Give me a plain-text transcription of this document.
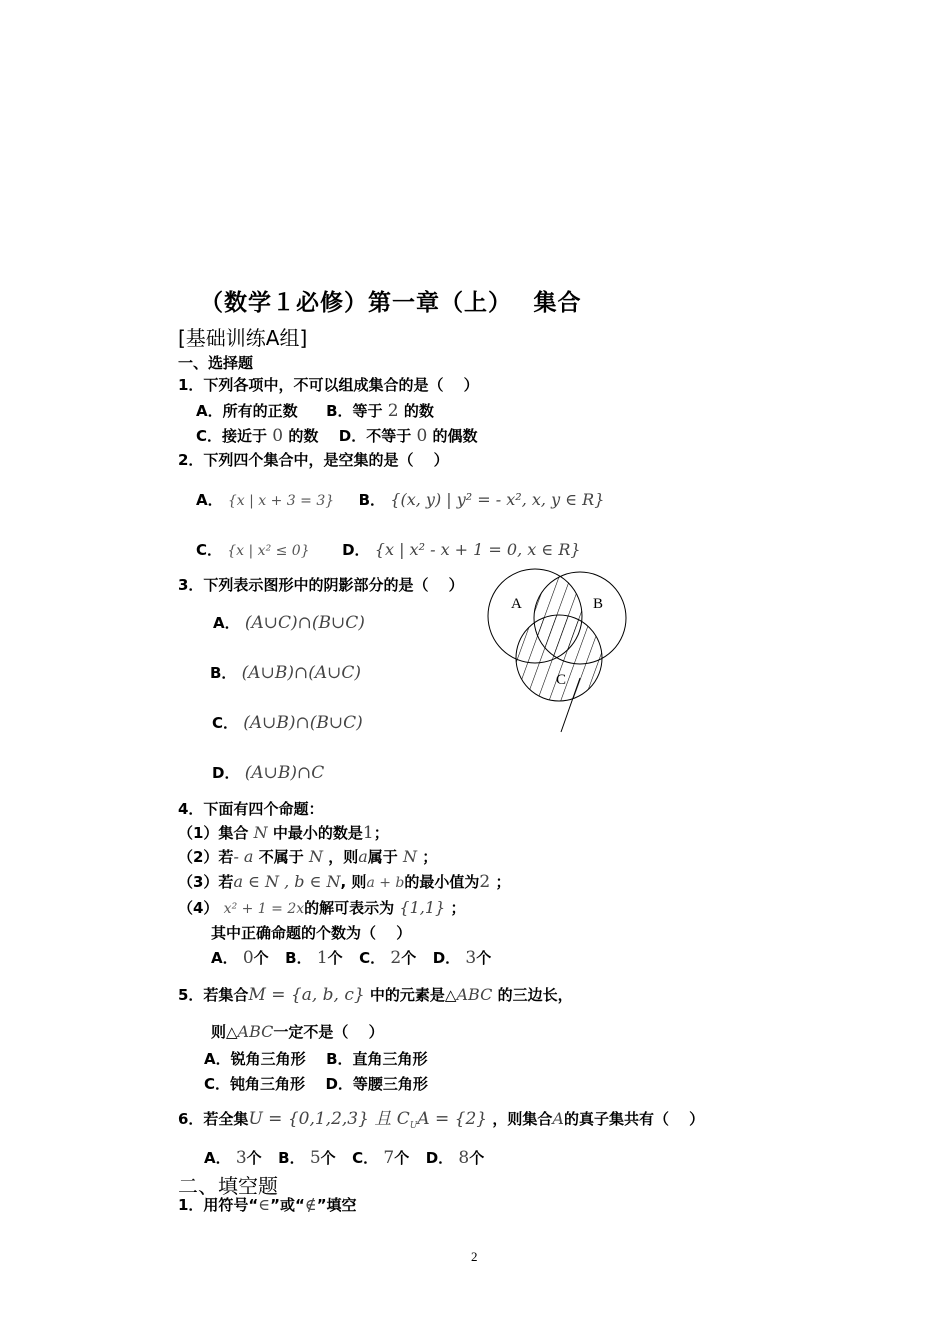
（数学１必修）第一章（上）　 集合
[基础训练A组]
一、选择题
1．下列各项中，不可以组成集合的是（　 ）
A．所有的正数 B．等于 2 的数
C．接近于 0 的数 D．不等于 0 的偶数
2．下列四个集合中，是空集的是（　 ）
A． {x | x + 3 = 3} B． {(x, y) | y² = - x², x, y ∈ R}
C． {x | x² ≤ 0} D． {x | x² - x + 1 = 0, x ∈ R}
3．下列表示图形中的阴影部分的是（　 ）
A． (A∪C)∩(B∪C)
B． (A∪B)∩(A∪C)
C． (A∪B)∩(B∪C)
D． (A∪B)∩C
A	B
C
4．下面有四个命题：
（1）集合 N 中最小的数是1；
（2）若- a 不属于 N ，则a属于 N ；
（3）若a ∈ N , b ∈ N, 则a + b的最小值为2 ；
（4） x² + 1 = 2x的解可表示为 {1,1} ；
其中正确命题的个数为（　 ）
A． 0个 B． 1个 C． 2个 D． 3个
5．若集合M = {a, b, c} 中的元素是△ABC 的三边长，
则△ABC一定不是（　 ）
A．锐角三角形 B．直角三角形
C．钝角三角形 D．等腰三角形
6．若全集U = {0,1,2,3} 且 $C_UA = \{2\}$ ，则集合A的真子集共有（　 ）
A． 3个 B． 5个 C． 7个 D． 8个
二、填空题
1．用符号“∈”或“∉”填空
2
